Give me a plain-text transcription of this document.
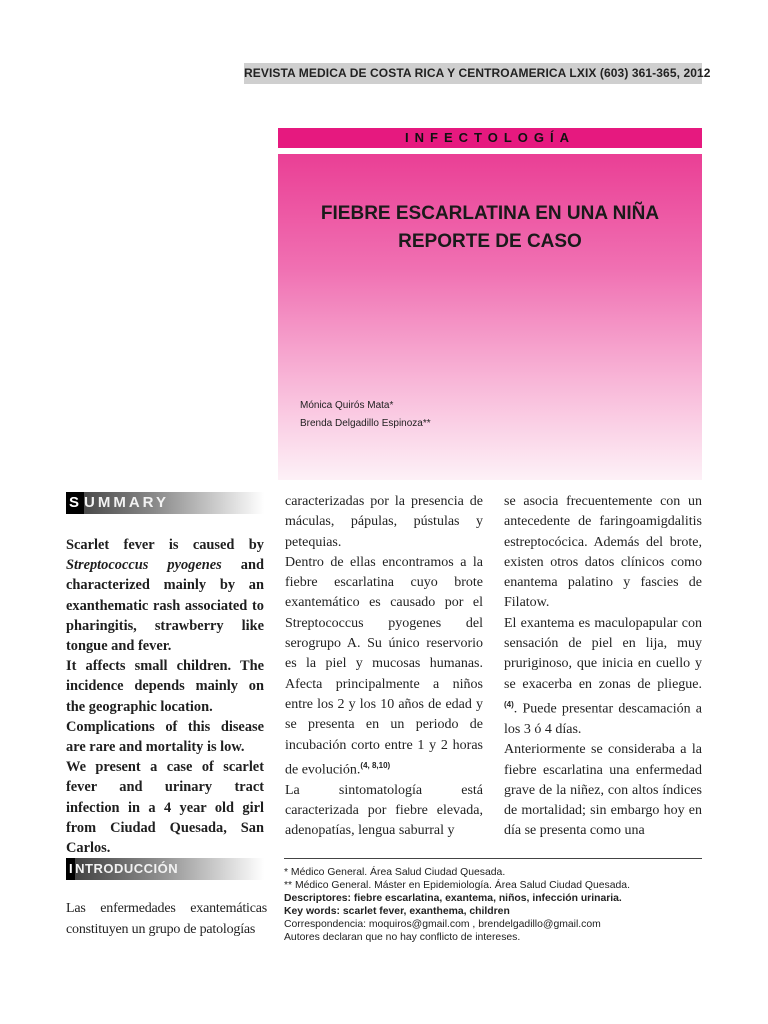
REVISTA MEDICA DE COSTA RICA Y CENTROAMERICA LXIX (603) 361-365, 2012
INFECTOLOGÍA
FIEBRE ESCARLATINA EN UNA NIÑA
REPORTE DE CASO
Mónica Quirós Mata*
Brenda Delgadillo Espinoza**
S UMMARY

Scarlet fever is caused by Streptococcus pyogenes and characterized mainly by an exanthematic rash associated to pharingitis, strawberry like tongue and fever.

It affects small children. The incidence depends mainly on the geographic location.

Complications of this disease are rare and mortality is low.

We present a case of scarlet fever and urinary tract infection in a 4 year old girl from Ciudad Quesada, San Carlos.

I NTRODUCCIÓN
Las enfermedades exantemáticas constituyen un grupo de patologías

caracterizadas por la presencia de máculas, pápulas, pústulas y petequias.

Dentro de ellas encontramos a la fiebre escarlatina cuyo brote exantemático es causado por el Streptococcus pyogenes del serogrupo A. Su único reservorio es la piel y mucosas humanas. Afecta principalmente a niños entre los 2 y los 10 años de edad y se presenta en un periodo de incubación corto entre 1 y 2 horas de evolución.$^{(4, 8,10)}$

La sintomatología está caracterizada por fiebre elevada, adenopatías, lengua saburral y

se asocia frecuentemente con un antecedente de faringoamigdalitis estreptocócica. Además del brote, existen otros datos clínicos como enantema palatino y fascies de Filatow.

El exantema es maculopapular con sensación de piel en lija, muy pruriginoso, que inicia en cuello y se exacerba en zonas de pliegue. $^{(4)}$. Puede presentar descamación a los 3 ó 4 días.

Anteriormente se consideraba a la fiebre escarlatina una enfermedad grave de la niñez, con altos índices de mortalidad; sin embargo hoy en día se presenta como una

* Médico General. Área Salud Ciudad Quesada.
** Médico General. Máster en Epidemiología. Área Salud Ciudad Quesada.
Descriptores: fiebre escarlatina, exantema, niños, infección urinaria.
Key words: scarlet fever, exanthema, children
Correspondencia: moquiros@gmail.com , brendelgadillo@gmail.com
Autores declaran que no hay conflicto de intereses.
